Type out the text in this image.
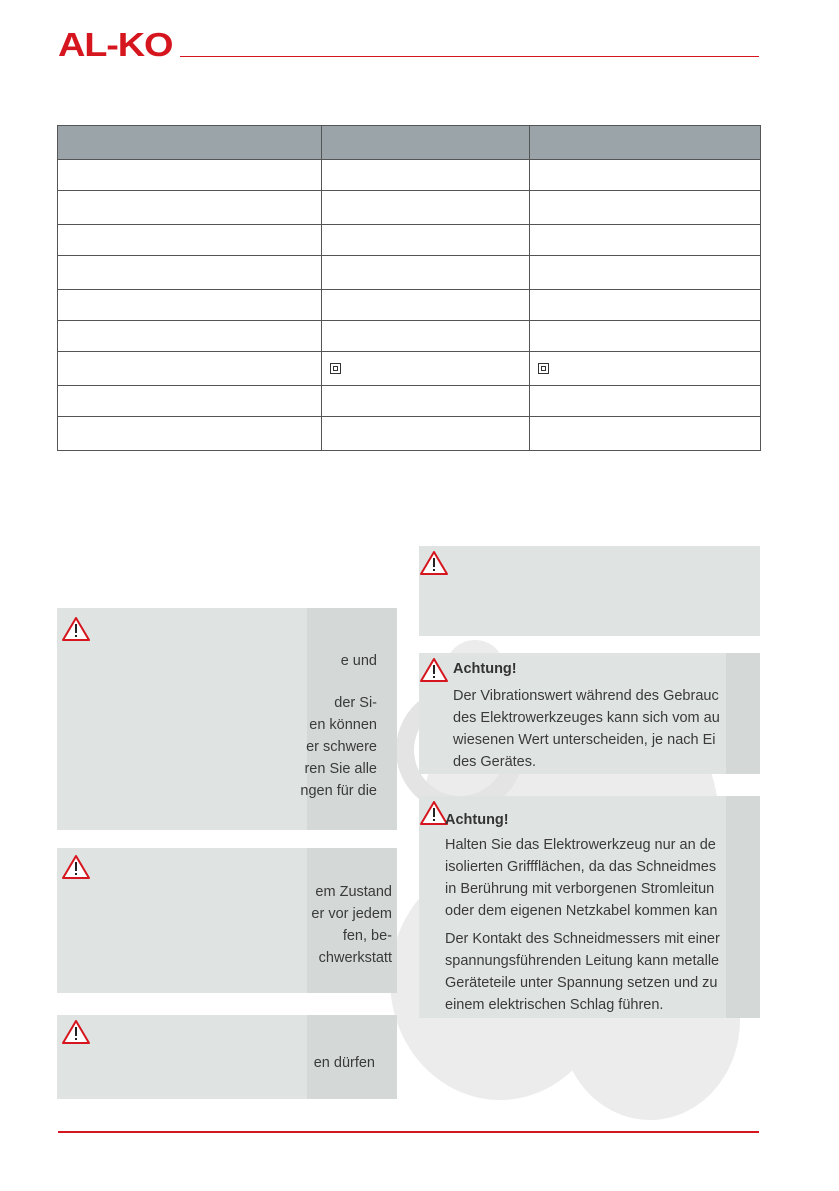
AL-KO

e und

der Si-

en können

er schwere

ren Sie alle

ngen für die

em Zustand

er vor jedem

fen, be-

chwerkstatt

en dürfen

Achtung!

Der Vibrationswert während des Gebrauc

des Elektrowerkzeuges kann sich vom au

wiesenen Wert unterscheiden, je nach Ei

des Gerätes.

Achtung!

Halten Sie das Elektrowerkzeug nur an de

isolierten Griffflächen, da das Schneidmes

in Berührung mit verborgenen Stromleitun

oder dem eigenen Netzkabel kommen kan

Der Kontakt des Schneidmessers mit einer

spannungsführenden Leitung kann metalle

Geräteteile unter Spannung setzen und zu

einem elektrischen Schlag führen.
